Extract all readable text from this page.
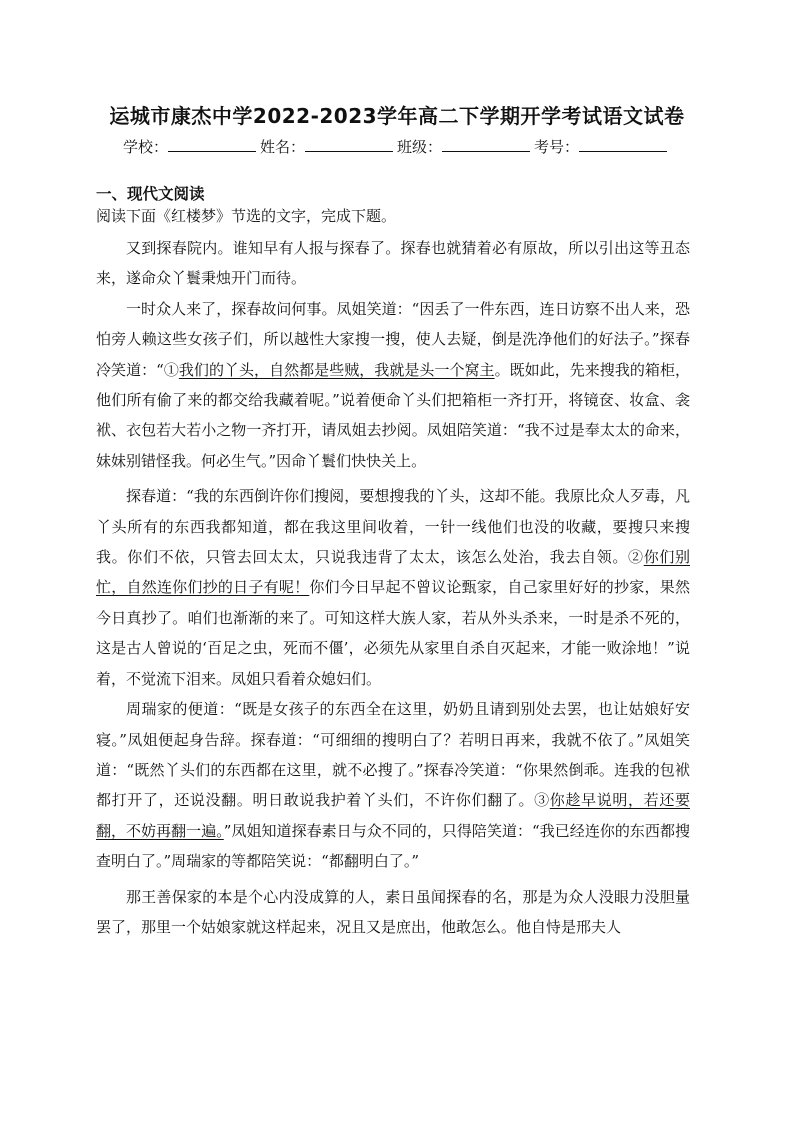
运城市康杰中学2022-2023学年高二下学期开学考试语文试卷
学校：	姓名：	班级：	考号：
一、现代文阅读
阅读下面《红楼梦》节选的文字，完成下题。

又到探春院内。谁知早有人报与探春了。探春也就猜着必有原故，所以引出这等丑态来，遂命众丫鬟秉烛开门而待。

一时众人来了，探春故问何事。凤姐笑道：“因丢了一件东西，连日访察不出人来，恐怕旁人赖这些女孩子们，所以越性大家搜一搜，使人去疑，倒是洗净他们的好法子。”探春冷笑道：“①我们的丫头，自然都是些贼，我就是头一个窝主。既如此，先来搜我的箱柜，他们所有偷了来的都交给我藏着呢。”说着便命丫头们把箱柜一齐打开，将镜奁、妆盒、衾袱、衣包若大若小之物一齐打开，请凤姐去抄阅。凤姐陪笑道：“我不过是奉太太的命来，妹妹别错怪我。何必生气。”因命丫鬟们快快关上。

探春道：“我的东西倒许你们搜阅，要想搜我的丫头，这却不能。我原比众人歹毒，凡丫头所有的东西我都知道，都在我这里间收着，一针一线他们也没的收藏，要搜只来搜我。你们不依，只管去回太太，只说我违背了太太，该怎么处治，我去自领。②你们别忙，自然连你们抄的日子有呢！你们今日早起不曾议论甄家，自己家里好好的抄家，果然今日真抄了。咱们也渐渐的来了。可知这样大族人家，若从外头杀来，一时是杀不死的，这是古人曾说的‘百足之虫，死而不僵’，必须先从家里自杀自灭起来，才能一败涂地！”说着，不觉流下泪来。凤姐只看着众媳妇们。

周瑞家的便道：“既是女孩子的东西全在这里，奶奶且请到别处去罢，也让姑娘好安寝。”凤姐便起身告辞。探春道：“可细细的搜明白了？若明日再来，我就不依了。”凤姐笑道：“既然丫头们的东西都在这里，就不必搜了。”探春冷笑道：“你果然倒乖。连我的包袱都打开了，还说没翻。明日敢说我护着丫头们，不许你们翻了。③你趁早说明，若还要翻，不妨再翻一遍。”凤姐知道探春素日与众不同的，只得陪笑道：“我已经连你的东西都搜查明白了。”周瑞家的等都陪笑说：“都翻明白了。”

那王善保家的本是个心内没成算的人，素日虽闻探春的名，那是为众人没眼力没胆量罢了，那里一个姑娘家就这样起来，况且又是庶出，他敢怎么。他自恃是邢夫人
